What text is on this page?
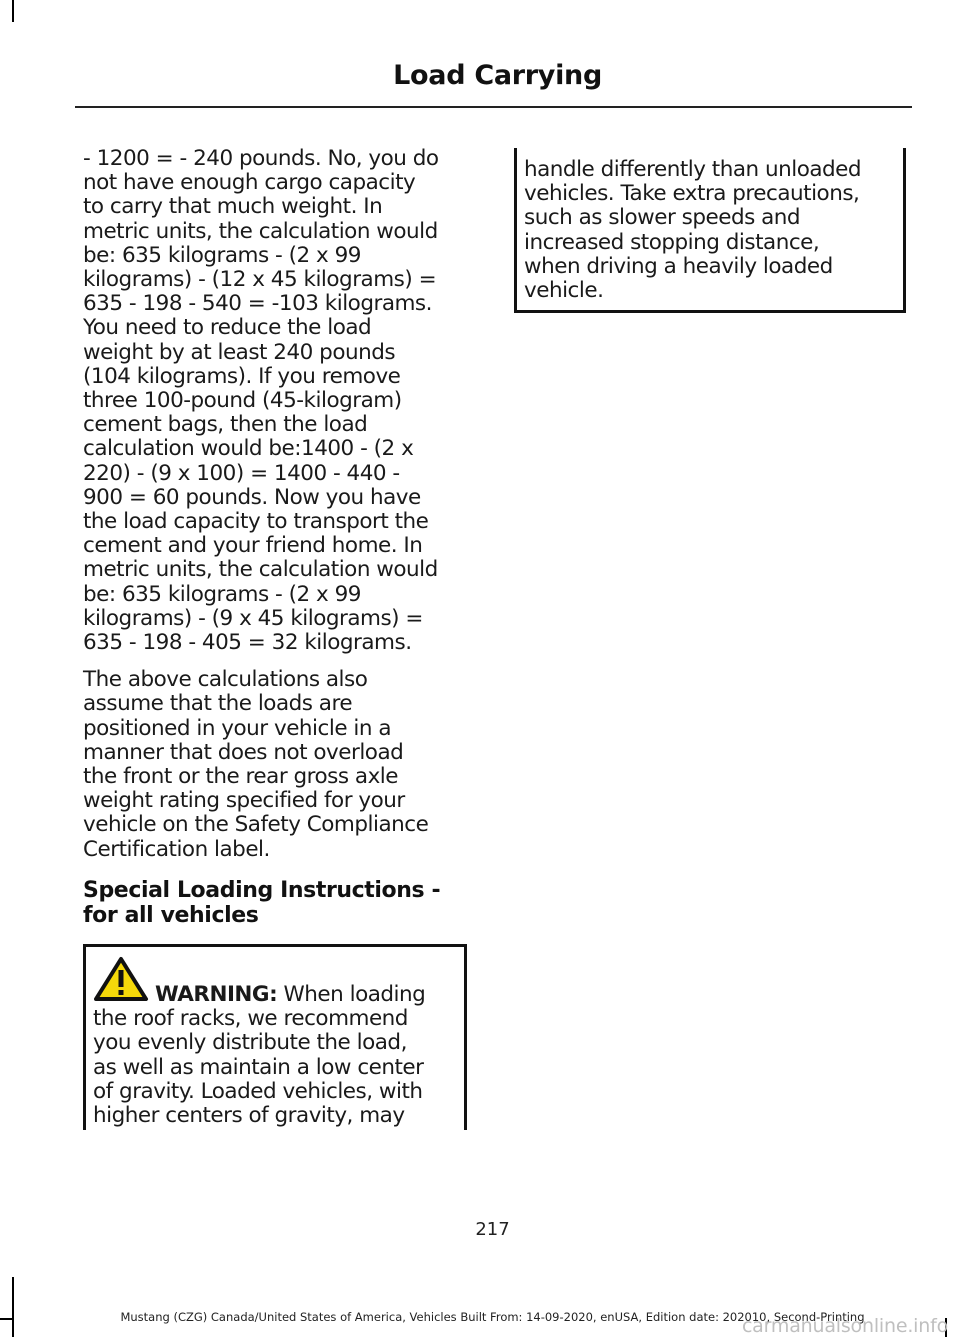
Load Carrying

- 1200 = - 240 pounds. No, you do

not have enough cargo capacity

to carry that much weight. In

metric units, the calculation would

be: 635 kilograms - (2 x 99

kilograms) - (12 x 45 kilograms) =

635 - 198 - 540 = -103 kilograms.

You need to reduce the load

weight by at least 240 pounds

(104 kilograms). If you remove

three 100-pound (45-kilogram)

cement bags, then the load

calculation would be:1400 - (2 x

220) - (9 x 100) = 1400 - 440 -

900 = 60 pounds. Now you have

the load capacity to transport the

cement and your friend home. In

metric units, the calculation would

be: 635 kilograms - (2 x 99

kilograms) - (9 x 45 kilograms) =

635 - 198 - 405 = 32 kilograms.

The above calculations also

assume that the loads are

positioned in your vehicle in a

manner that does not overload

the front or the rear gross axle

weight rating specified for your

vehicle on the Safety Compliance

Certification label.

Special Loading Instructions -
for all vehicles

WARNING: When loading

the roof racks, we recommend

you evenly distribute the load,

as well as maintain a low center

of gravity. Loaded vehicles, with

higher centers of gravity, may

handle differently than unloaded

vehicles. Take extra precautions,

such as slower speeds and

increased stopping distance,

when driving a heavily loaded

vehicle.

217
Mustang (CZG) Canada/United States of America, Vehicles Built From: 14-09-2020, enUSA, Edition date: 202010, Second-Printing
carmanualsonline.info
